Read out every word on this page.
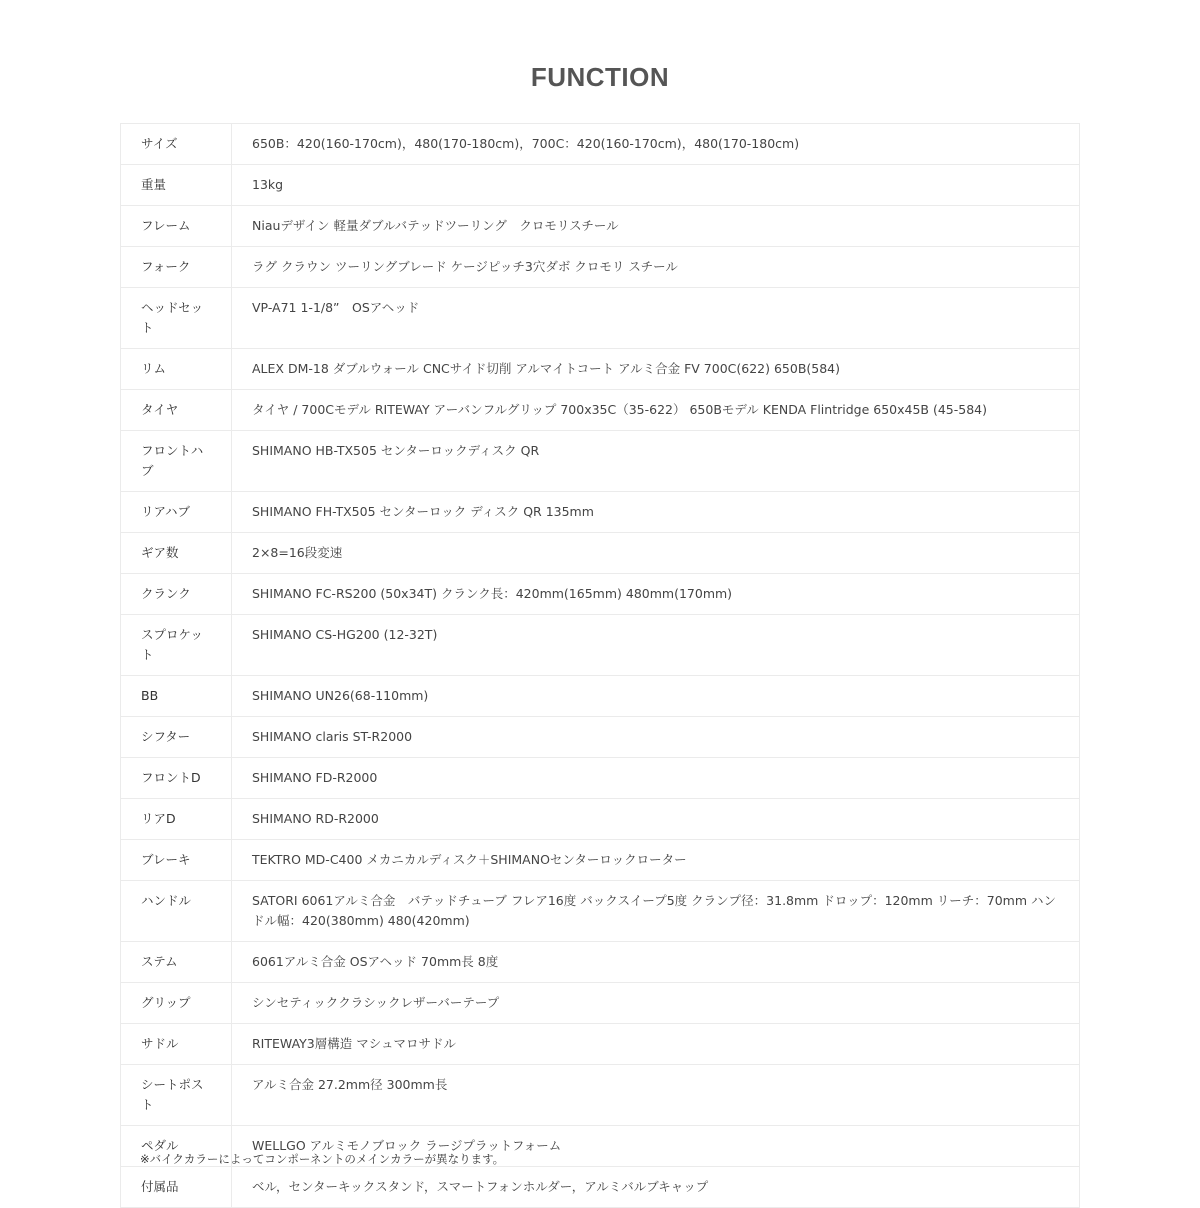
FUNCTION
サイズ	650B：420(160-170cm)，480(170-180cm)，700C：420(160-170cm)，480(170-180cm)
重量	13kg
フレーム	Niauデザイン 軽量ダブルバテッドツーリング　クロモリスチール
フォーク	ラグ クラウン ツーリングブレード ケージピッチ3穴ダボ クロモリ スチール
ヘッドセット	VP-A71 1-1/8”　OSアヘッド
リム	ALEX DM-18 ダブルウォール CNCサイド切削 アルマイトコート アルミ合金 FV 700C(622) 650B(584)
タイヤ	タイヤ / 700Cモデル RITEWAY アーバンフルグリップ 700x35C（35-622） 650Bモデル KENDA Flintridge 650x45B (45-584)
フロントハブ	SHIMANO HB-TX505 センターロックディスク QR
リアハブ	SHIMANO FH-TX505 センターロック ディスク QR 135mm
ギア数	2×8=16段変速
クランク	SHIMANO FC-RS200 (50x34T) クランク長：420mm(165mm) 480mm(170mm)
スプロケット	SHIMANO CS-HG200 (12-32T)
BB	SHIMANO UN26(68-110mm)
シフター	SHIMANO claris ST-R2000
フロントD	SHIMANO FD-R2000
リアD	SHIMANO RD-R2000
ブレーキ	TEKTRO MD-C400 メカニカルディスク＋SHIMANOセンターロックローター
ハンドル	SATORI 6061アルミ合金　バテッドチューブ フレア16度 バックスイープ5度 クランプ径：31.8mm ドロップ：120mm リーチ：70mm ハンドル幅：420(380mm) 480(420mm)
ステム	6061アルミ合金 OSアヘッド 70mm長 8度
グリップ	シンセティッククラシックレザーバーテープ
サドル	RITEWAY3層構造 マシュマロサドル
シートポスト	アルミ合金 27.2mm径 300mm長
ペダル	WELLGO アルミモノブロック ラージプラットフォーム
付属品	ベル，センターキックスタンド，スマートフォンホルダー，アルミバルブキャップ
※バイクカラーによってコンポーネントのメインカラーが異なります。
